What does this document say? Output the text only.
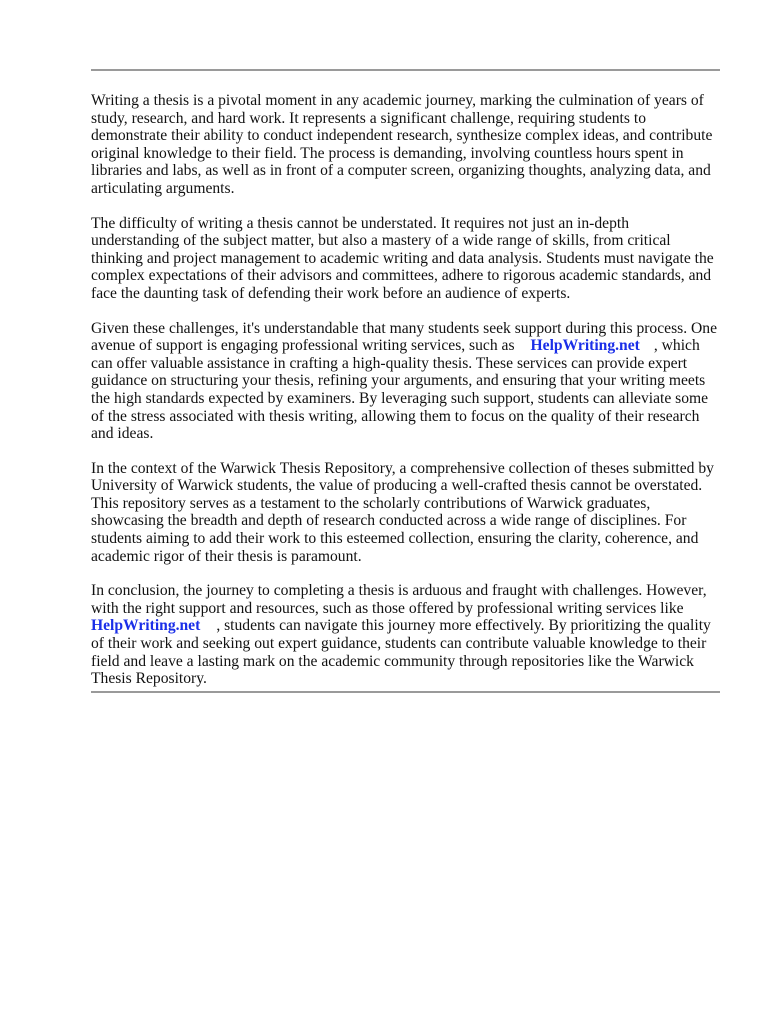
Writing a thesis is a pivotal moment in any academic journey, marking the culmination of years of study, research, and hard work. It represents a significant challenge, requiring students to demonstrate their ability to conduct independent research, synthesize complex ideas, and contribute original knowledge to their field. The process is demanding, involving countless hours spent in libraries and labs, as well as in front of a computer screen, organizing thoughts, analyzing data, and articulating arguments.

The difficulty of writing a thesis cannot be understated. It requires not just an in-depth understanding of the subject matter, but also a mastery of a wide range of skills, from critical thinking and project management to academic writing and data analysis. Students must navigate the complex expectations of their advisors and committees, adhere to rigorous academic standards, and face the daunting task of defending their work before an audience of experts.

Given these challenges, it's understandable that many students seek support during this process. One avenue of support is engaging professional writing services, such as HelpWriting.net , which can offer valuable assistance in crafting a high-quality thesis. These services can provide expert guidance on structuring your thesis, refining your arguments, and ensuring that your writing meets the high standards expected by examiners. By leveraging such support, students can alleviate some of the stress associated with thesis writing, allowing them to focus on the quality of their research and ideas.

In the context of the Warwick Thesis Repository, a comprehensive collection of theses submitted by University of Warwick students, the value of producing a well-crafted thesis cannot be overstated. This repository serves as a testament to the scholarly contributions of Warwick graduates, showcasing the breadth and depth of research conducted across a wide range of disciplines. For students aiming to add their work to this esteemed collection, ensuring the clarity, coherence, and academic rigor of their thesis is paramount.

In conclusion, the journey to completing a thesis is arduous and fraught with challenges. However, with the right support and resources, such as those offered by professional writing services like HelpWriting.net , students can navigate this journey more effectively. By prioritizing the quality of their work and seeking out expert guidance, students can contribute valuable knowledge to their field and leave a lasting mark on the academic community through repositories like the Warwick Thesis Repository.
